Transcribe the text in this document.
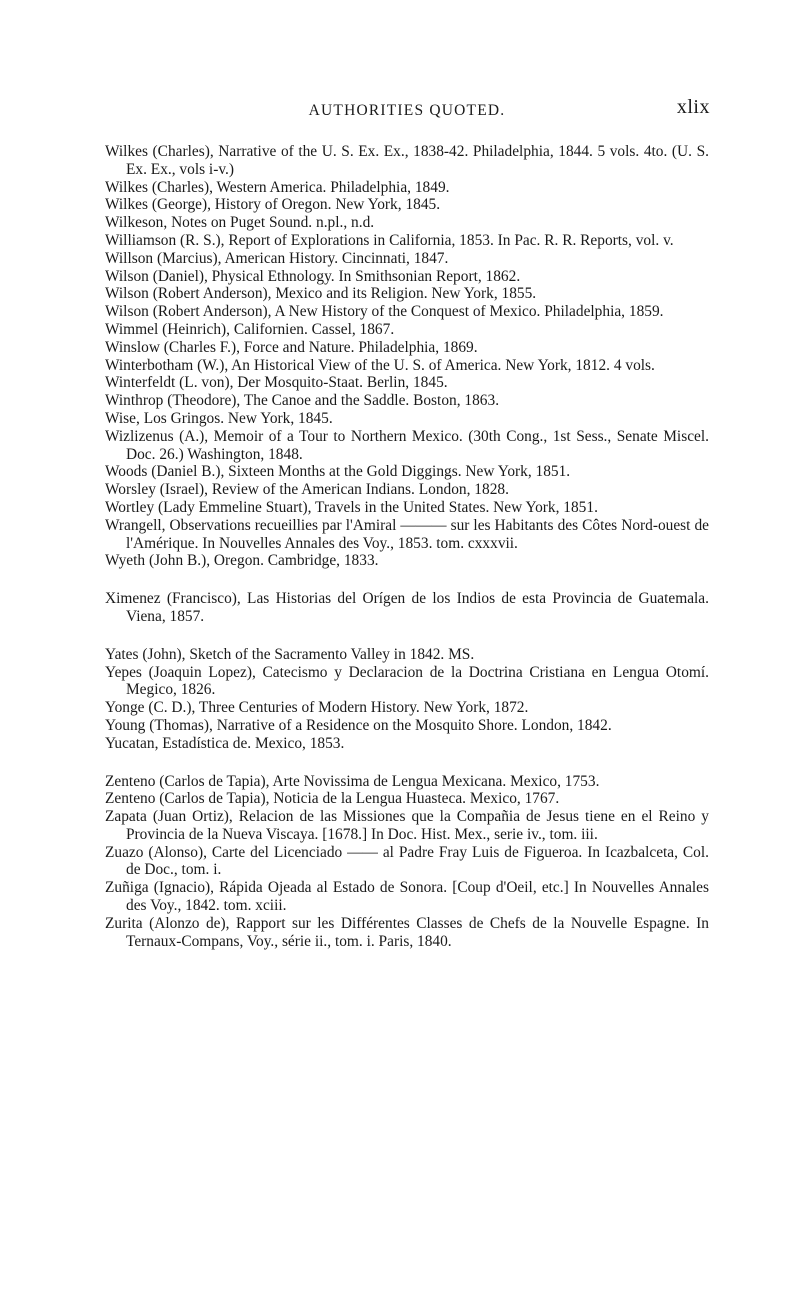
AUTHORITIES QUOTED.	xlix

Wilkes (Charles), Narrative of the U. S. Ex. Ex., 1838-42. Philadelphia, 1844. 5 vols. 4to. (U. S. Ex. Ex., vols i-v.)

Wilkes (Charles), Western America. Philadelphia, 1849.

Wilkes (George), History of Oregon. New York, 1845.

Wilkeson, Notes on Puget Sound. n.pl., n.d.

Williamson (R. S.), Report of Explorations in California, 1853. In Pac. R. R. Reports, vol. v.

Willson (Marcius), American History. Cincinnati, 1847.

Wilson (Daniel), Physical Ethnology. In Smithsonian Report, 1862.

Wilson (Robert Anderson), Mexico and its Religion. New York, 1855.

Wilson (Robert Anderson), A New History of the Conquest of Mexico. Philadelphia, 1859.

Wimmel (Heinrich), Californien. Cassel, 1867.

Winslow (Charles F.), Force and Nature. Philadelphia, 1869.

Winterbotham (W.), An Historical View of the U. S. of America. New York, 1812. 4 vols.

Winterfeldt (L. von), Der Mosquito-Staat. Berlin, 1845.

Winthrop (Theodore), The Canoe and the Saddle. Boston, 1863.

Wise, Los Gringos. New York, 1845.

Wizlizenus (A.), Memoir of a Tour to Northern Mexico. (30th Cong., 1st Sess., Senate Miscel. Doc. 26.) Washington, 1848.

Woods (Daniel B.), Sixteen Months at the Gold Diggings. New York, 1851.

Worsley (Israel), Review of the American Indians. London, 1828.

Wortley (Lady Emmeline Stuart), Travels in the United States. New York, 1851.

Wrangell, Observations recueillies par l'Amiral ——— sur les Habitants des Côtes Nord-ouest de l'Amérique. In Nouvelles Annales des Voy., 1853. tom. cxxxvii.

Wyeth (John B.), Oregon. Cambridge, 1833.

Ximenez (Francisco), Las Historias del Orígen de los Indios de esta Provincia de Guatemala. Viena, 1857.

Yates (John), Sketch of the Sacramento Valley in 1842. MS.

Yepes (Joaquin Lopez), Catecismo y Declaracion de la Doctrina Cristiana en Lengua Otomí. Megico, 1826.

Yonge (C. D.), Three Centuries of Modern History. New York, 1872.

Young (Thomas), Narrative of a Residence on the Mosquito Shore. London, 1842.

Yucatan, Estadística de. Mexico, 1853.

Zenteno (Carlos de Tapia), Arte Novissima de Lengua Mexicana. Mexico, 1753.

Zenteno (Carlos de Tapia), Noticia de la Lengua Huasteca. Mexico, 1767.

Zapata (Juan Ortiz), Relacion de las Missiones que la Compañia de Jesus tiene en el Reino y Provincia de la Nueva Viscaya. [1678.] In Doc. Hist. Mex., serie iv., tom. iii.

Zuazo (Alonso), Carte del Licenciado —— al Padre Fray Luis de Figueroa. In Icazbalceta, Col. de Doc., tom. i.

Zuñiga (Ignacio), Rápida Ojeada al Estado de Sonora. [Coup d'Oeil, etc.] In Nouvelles Annales des Voy., 1842. tom. xciii.

Zurita (Alonzo de), Rapport sur les Différentes Classes de Chefs de la Nouvelle Espagne. In Ternaux-Compans, Voy., série ii., tom. i. Paris, 1840.
